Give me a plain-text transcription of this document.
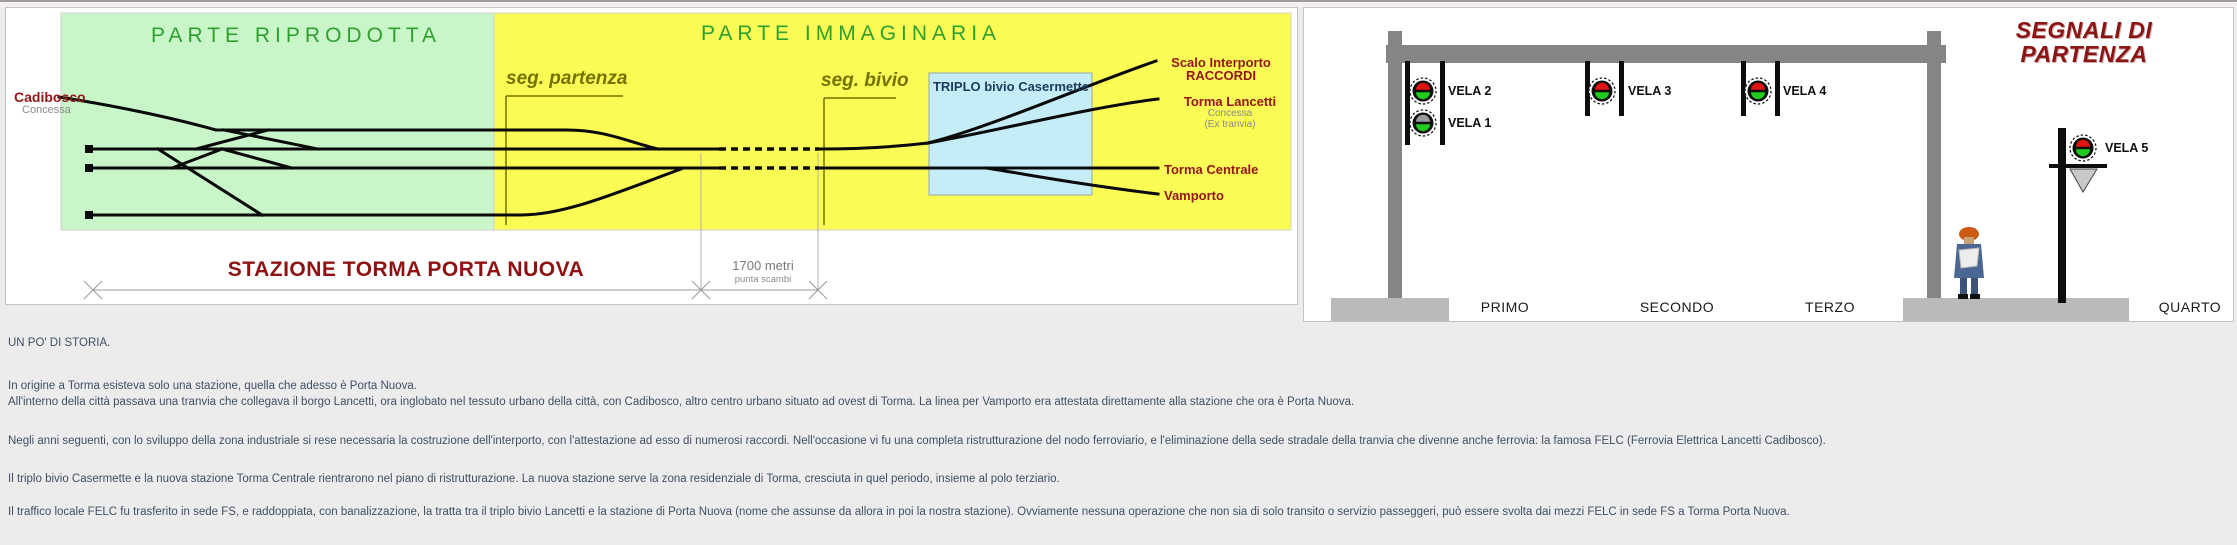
PARTE RIPRODOTTA	PARTE IMMAGINARIA
Cadibosco
Concessa
seg. partenza	seg. bivio TRIPLO bivio Casermette
Scalo Interporto
RACCORDI
Torma Lancetti
Concessa
(Ex tranvia)
Torma Centrale
Vamporto
STAZIONE TORMA PORTA NUOVA	1700 metri
punta scambi
SEGNALI DI
PARTENZA
VELA 2
VELA 1
VELA 3	VELA 4
VELA 5
PRIMO	SECONDO	TERZO	QUARTO

UN PO' DI STORIA.

In origine a Torma esisteva solo una stazione, quella che adesso è Porta Nuova.
All'interno della città passava una tranvia che collegava il borgo Lancetti, ora inglobato nel tessuto urbano della città, con Cadibosco, altro centro urbano situato ad ovest di Torma. La linea per Vamporto era attestata direttamente alla stazione che ora è Porta Nuova.

Negli anni seguenti, con lo sviluppo della zona industriale si rese necessaria la costruzione dell'interporto, con l'attestazione ad esso di numerosi raccordi. Nell'occasione vi fu una completa ristrutturazione del nodo ferroviario, e l'eliminazione della sede stradale della tranvia che divenne anche ferrovia: la famosa FELC (Ferrovia Elettrica Lancetti Cadibosco).

Il triplo bivio Casermette e la nuova stazione Torma Centrale rientrarono nel piano di ristrutturazione. La nuova stazione serve la zona residenziale di Torma, cresciuta in quel periodo, insieme al polo terziario.

Il traffico locale FELC fu trasferito in sede FS, e raddoppiata, con banalizzazione, la tratta tra il triplo bivio Lancetti e la stazione di Porta Nuova (nome che assunse da allora in poi la nostra stazione). Ovviamente nessuna operazione che non sia di solo transito o servizio passeggeri, può essere svolta dai mezzi FELC in sede FS a Torma Porta Nuova.
